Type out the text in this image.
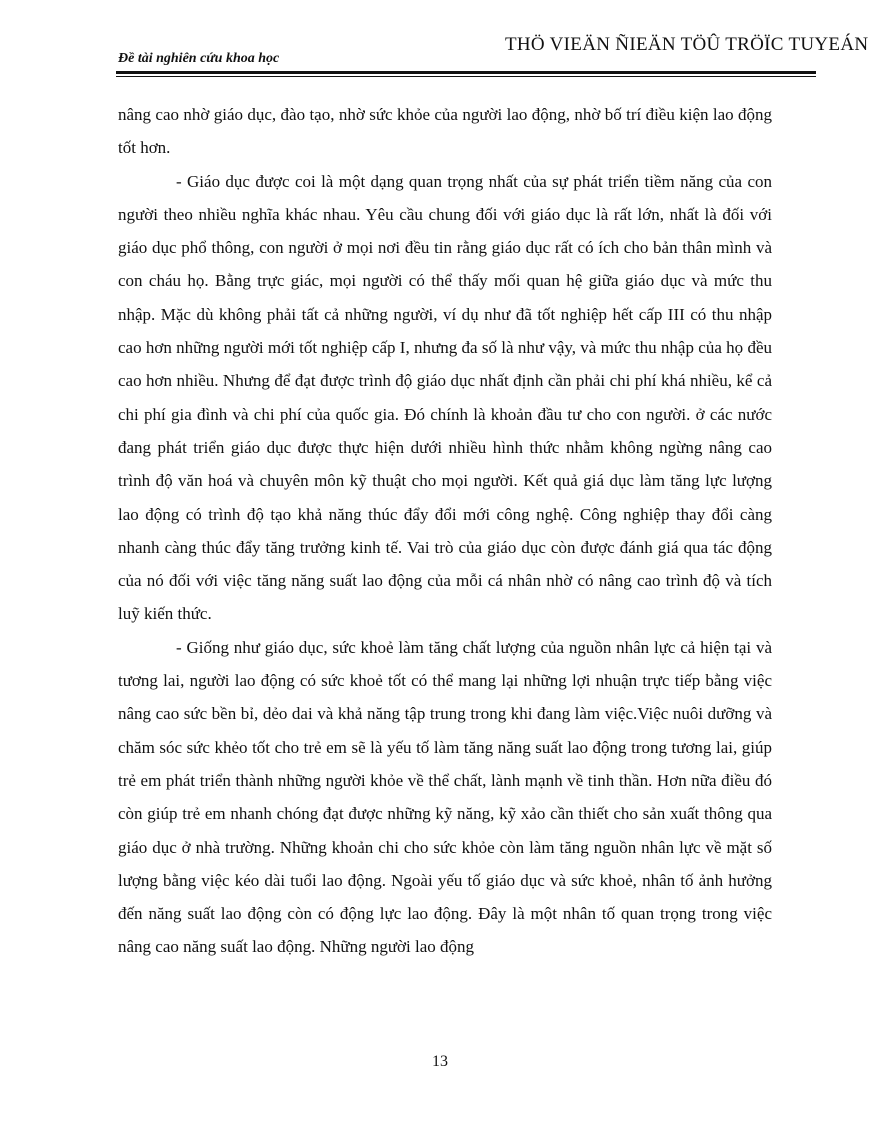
Đề tài nghiên cứu khoa học
THÖ VIEÄN ÑIEÄN TÖÛ TRÖÏC TUYEÁN

nâng cao nhờ giáo dục, đào tạo, nhờ sức khỏe của người lao động, nhờ bố trí điều kiện lao động tốt hơn.

- Giáo dục được coi là một dạng quan trọng nhất của sự phát triển tiềm năng của con người theo nhiều nghĩa khác nhau. Yêu cầu chung đối với giáo dục là rất lớn, nhất là đối với giáo dục phổ thông, con người ở mọi nơi đều tin rằng giáo dục rất có ích cho bản thân mình và con cháu họ. Bằng trực giác, mọi người có thể thấy mối quan hệ giữa giáo dục và mức thu nhập. Mặc dù không phải tất cả những người, ví dụ như đã tốt nghiệp hết cấp III có thu nhập cao hơn những người mới tốt nghiệp cấp I, nhưng đa số là như vậy, và mức thu nhập của họ đều cao hơn nhiều. Nhưng để đạt được trình độ giáo dục nhất định cần phải chi phí khá nhiều, kể cả chi phí gia đình và chi phí của quốc gia. Đó chính là khoản đầu tư cho con người. ở các nước đang phát triển giáo dục được thực hiện dưới nhiều hình thức nhằm không ngừng nâng cao trình độ văn hoá và chuyên môn kỹ thuật cho mọi người. Kết quả giá dục làm tăng lực lượng lao động có trình độ tạo khả năng thúc đẩy đổi mới công nghệ. Công nghiệp thay đổi càng nhanh càng thúc đẩy tăng trưởng kinh tế. Vai trò của giáo dục còn được đánh giá qua tác động của nó đối với việc tăng năng suất lao động của mỗi cá nhân nhờ có nâng cao trình độ và tích luỹ kiến thức.

- Giống như giáo dục, sức khoẻ làm tăng chất lượng của nguồn nhân lực cả hiện tại và tương lai, người lao động có sức khoẻ tốt có thể mang lại những lợi nhuận trực tiếp bằng việc nâng cao sức bền bỉ, dẻo dai và khả năng tập trung trong khi đang làm việc.Việc nuôi dưỡng và chăm sóc sức khẻo tốt cho trẻ em sẽ là yếu tố làm tăng năng suất lao động trong tương lai, giúp trẻ em phát triển thành những người khỏe về thể chất, lành mạnh về tinh thần. Hơn nữa điều đó còn giúp trẻ em nhanh chóng đạt được những kỹ năng, kỹ xảo cần thiết cho sản xuất thông qua giáo dục ở nhà trường. Những khoản chi cho sức khỏe còn làm tăng nguồn nhân lực về mặt số lượng bằng việc kéo dài tuổi lao động. Ngoài yếu tố giáo dục và sức khoẻ, nhân tố ảnh hưởng đến năng suất lao động còn có động lực lao động. Đây là một nhân tố quan trọng trong việc nâng cao năng suất lao động. Những người lao động

13
